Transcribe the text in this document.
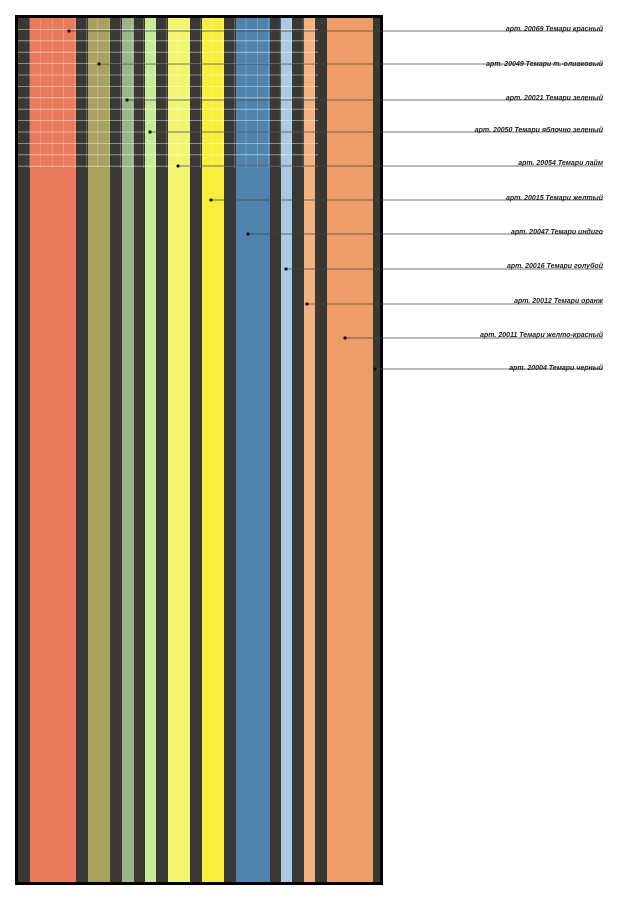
арт. 20069 Темари красный
арт. 20049 Темари т.-оливковый
арт. 20021 Темари зеленый
арт. 20050 Темари яблочно зеленый
арт. 20054 Темари лайм
арт. 20015 Темари желтый
арт. 20047 Темари индиго
арт. 20016 Темари голубой
арт. 20012 Темари оранж
арт. 20011 Темари желто-красный
арт. 20004 Темари черный
